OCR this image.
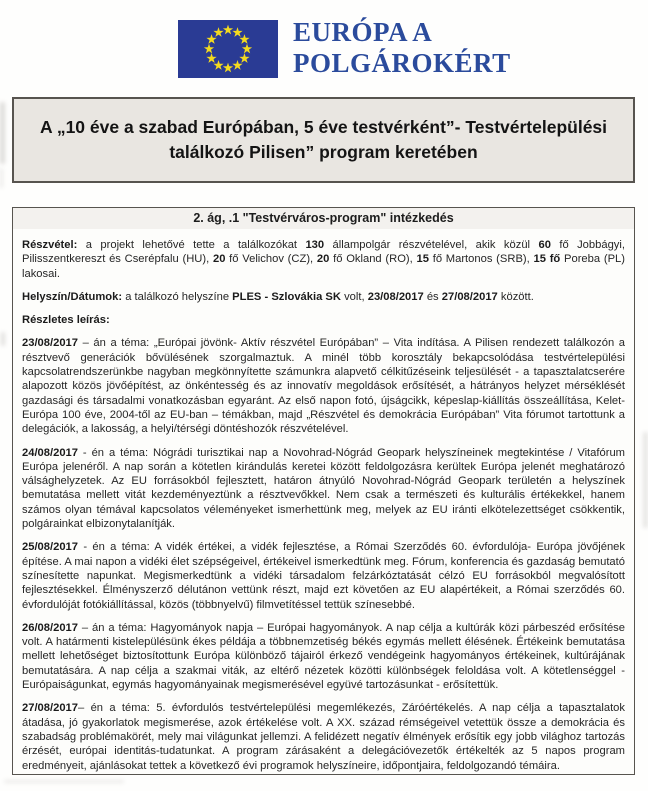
EURÓPA A
POLGÁROKÉRT
A „10 éve a szabad Európában, 5 éve testvérként”- Testvértelepülési találkozó Pilisen” program keretében
2. ág, .1 "Testvérváros-program" intézkedés

Részvétel: a projekt lehetővé tette a találkozókat 130 állampolgár részvételével, akik közül 60 fő Jobbágyi, Pilisszentkereszt és Cserépfalu (HU), 20 fő Velichov (CZ), 20 fő Okland (RO), 15 fő Martonos (SRB), 15 fő Poreba (PL) lakosai.

Helyszín/Dátumok: a találkozó helyszíne PLES - Szlovákia SK volt, 23/08/2017 és 27/08/2017 között.

Részletes leírás:

23/08/2017 – án a téma: „Európai jövönk- Aktív részvétel Európában” – Vita indítása. A Pilisen rendezett találkozón a résztvevő generációk bővülésének szorgalmaztuk. A minél több korosztály bekapcsolódása testvértelepülési kapcsolatrendszerünkbe nagyban megkönnyítette számunkra alapvető célkitűzéseink teljesülését - a tapasztalatcserére alapozott közös jövőépítést, az önkéntesség és az innovatív megoldások erősítését, a hátrányos helyzet mérséklését gazdasági és társadalmi vonatkozásban egyaránt. Az első napon fotó, újságcikk, képeslap-kiállítás összeállítása, Kelet-Európa 100 éve, 2004-től az EU-ban – témákban, majd „Részvétel és demokrácia Európában” Vita fórumot tartottunk a delegációk, a lakosság, a helyi/térségi döntéshozók részvételével.

24/08/2017 - én a téma: Nógrádi turisztikai nap a Novohrad-Nógrád Geopark helyszíneinek megtekintése / Vitafórum Európa jelenéről. A nap során a kötetlen kirándulás keretei között feldolgozásra kerültek Európa jelenét meghatározó válsághelyzetek. Az EU forrásokból fejlesztett, határon átnyúló Novohrad-Nógrád Geopark területén a helyszínek bemutatása mellett vitát kezdeményeztünk a résztvevőkkel. Nem csak a természeti és kulturális értékekkel, hanem számos olyan témával kapcsolatos véleményeket ismerhettünk meg, melyek az EU iránti elkötelezettséget csökkentik, polgárainkat elbizonytalanítják.

25/08/2017 - én a téma: A vidék értékei, a vidék fejlesztése, a Római Szerződés 60. évfordulója- Európa jövőjének építése. A mai napon a vidéki élet szépségeivel, értékeivel ismerkedtünk meg. Fórum, konferencia és gazdaság bemutató színesítette napunkat. Megismerkedtünk a vidéki társadalom felzárkóztatását célzó EU forrásokból megvalósított fejlesztésekkel. Élményszerző délutánon vettünk részt, majd ezt követően az EU alapértékeit, a Római szerződés 60. évfordulóját fotókiállítással, közös (többnyelvű) filmvetítéssel tettük színesebbé.

26/08/2017 – án a téma: Hagyományok napja – Európai hagyományok. A nap célja a kultúrák közi párbeszéd erősítése volt. A határmenti kistelepülésünk ékes példája a többnemzetiség békés egymás mellett élésének. Értékeink bemutatása mellett lehetőséget biztosítottunk Európa különböző tájairól érkező vendégeink hagyományos értékeinek, kultúrájának bemutatására. A nap célja a szakmai viták, az eltérő nézetek közötti különbségek feloldása volt. A kötetlenséggel - Európaiságunkat, egymás hagyományainak megismerésével együvé tartozásunkat - erősítettük.

27/08/2017– én a téma: 5. évfordulós testvértelepülési megemlékezés, Záróértékelés. A nap célja a tapasztalatok átadása, jó gyakorlatok megismerése, azok értékelése volt. A XX. század rémségeivel vetettük össze a demokrácia és szabadság problémakörét, mely mai világunkat jellemzi. A felidézett negatív élmények erősítik egy jobb világhoz tartozás érzését, európai identitás-tudatunkat. A program zárásaként a delegációvezetők értékelték az 5 napos program eredményeit, ajánlásokat tettek a következő évi programok helyszíneire, időpontjaira, feldolgozandó témáira.
